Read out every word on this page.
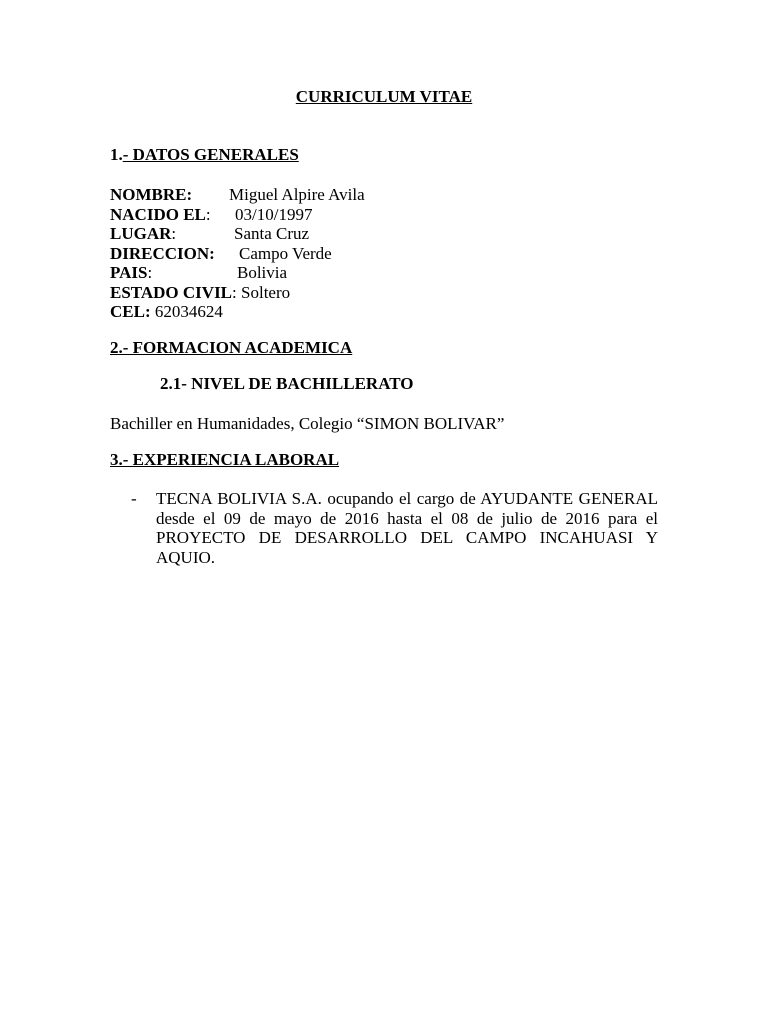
CURRICULUM VITAE
1.- DATOS GENERALES
NOMBRE: Miguel Alpire Avila
NACIDO EL: 03/10/1997
LUGAR:	Santa Cruz
DIRECCION: Campo Verde
PAIS:	Bolivia
ESTADO CIVIL: Soltero
CEL: 62034624
2.- FORMACION ACADEMICA
2.1- NIVEL DE BACHILLERATO
Bachiller en Humanidades, Colegio “SIMON BOLIVAR”
3.- EXPERIENCIA LABORAL
- TECNA BOLIVIA S.A. ocupando el cargo de AYUDANTE GENERAL desde el 09 de mayo de 2016 hasta el 08 de julio de 2016 para el PROYECTO DE DESARROLLO DEL CAMPO INCAHUASI Y AQUIO.
